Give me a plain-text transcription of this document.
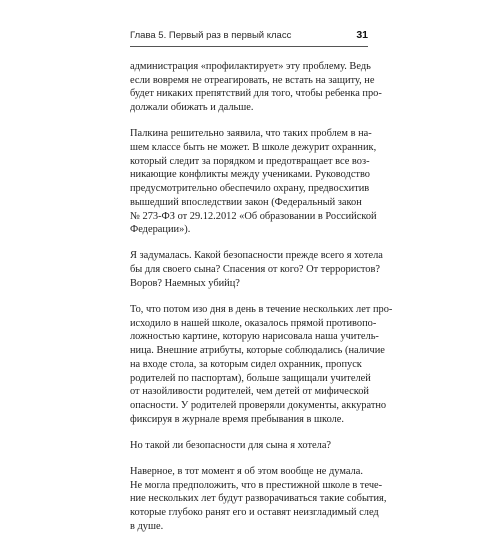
Глава 5. Первый раз в первый класс	31

администрация «профилактирует» эту проблему. Ведь
если вовремя не отреагировать, не встать на защиту, не
будет никаких препятствий для того, чтобы ребенка про-
должали обижать и дальше.

Палкина решительно заявила, что таких проблем в на-
шем классе быть не может. В школе дежурит охранник,
который следит за порядком и предотвращает все воз-
никающие конфликты между учениками. Руководство
предусмотрительно обеспечило охрану, предвосхитив
вышедший впоследствии закон (Федеральный закон
№ 273-ФЗ от 29.12.2012 «Об образовании в Российской
Федерации»).

Я задумалась. Какой безопасности прежде всего я хотела
бы для своего сына? Спасения от кого? От террористов?
Воров? Наемных убийц?

То, что потом изо дня в день в течение нескольких лет про-
исходило в нашей школе, оказалось прямой противопо-
ложностью картине, которую нарисовала наша учитель-
ница. Внешние атрибуты, которые соблюдались (наличие
на входе стола, за которым сидел охранник, пропуск
родителей по паспортам), больше защищали учителей
от назойливости родителей, чем детей от мифической
опасности. У родителей проверяли документы, аккуратно
фиксируя в журнале время пребывания в школе.

Но такой ли безопасности для сына я хотела?

Наверное, в тот момент я об этом вообще не думала.
Не могла предположить, что в престижной школе в тече-
ние нескольких лет будут разворачиваться такие события,
которые глубоко ранят его и оставят неизгладимый след
в душе.
